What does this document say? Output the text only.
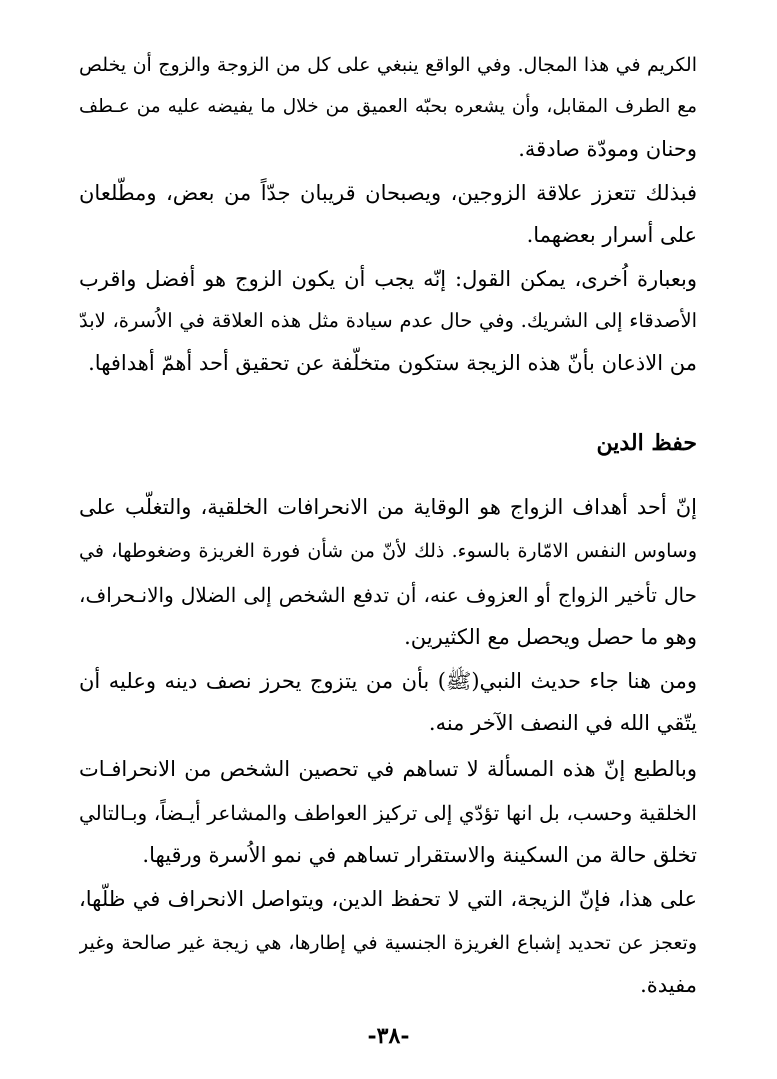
الكريم في هذا المجال. وفي الواقع ينبغي على كل من الزوجة والزوج أن يخلص
مع الطرف المقابل، وأن يشعره بحبّه العميق من خلال ما يفيضه عليه من عـطف
وحنان ومودّة صادقة.
فبذلك تتعزز علاقة الزوجين، ويصبحان قريبان جدّاً من بعض، ومطّلعان
على أسرار بعضهما.
وبعبارة اُخرى، يمكن القول: إنّه يجب أن يكون الزوج هو أفضل واقرب
الأصدقاء إلى الشريك. وفي حال عدم سيادة مثل هذه العلاقة في الاُسرة، لابدّ
من الاذعان بأنّ هذه الزيجة ستكون متخلّفة عن تحقيق أحد أهمّ أهدافها.
حفظ الدين
إنّ أحد أهداف الزواج هو الوقاية من الانحرافات الخلقية، والتغلّب على
وساوس النفس الامّارة بالسوء. ذلك لأنّ من شأن فورة الغريزة وضغوطها، في
حال تأخير الزواج أو العزوف عنه، أن تدفع الشخص إلى الضلال والانـحراف،
وهو ما حصل ويحصل مع الكثيرين.
ومن هنا جاء حديث النبي(ﷺ) بأن من يتزوج يحرز نصف دينه وعليه أن
يتّقي الله في النصف الآخر منه.
وبالطبع إنّ هذه المسألة لا تساهم في تحصين الشخص من الانحرافـات
الخلقية وحسب، بل انها تؤدّي إلى تركيز العواطف والمشاعر أيـضاً، وبـالتالي
تخلق حالة من السكينة والاستقرار تساهم في نمو الاُسرة ورقيها.
على هذا، فإنّ الزيجة، التي لا تحفظ الدين، ويتواصل الانحراف في ظلّها،
وتعجز عن تحديد إشباع الغريزة الجنسية في إطارها، هي زيجة غير صالحة وغير
مفيدة.
-٣٨-
